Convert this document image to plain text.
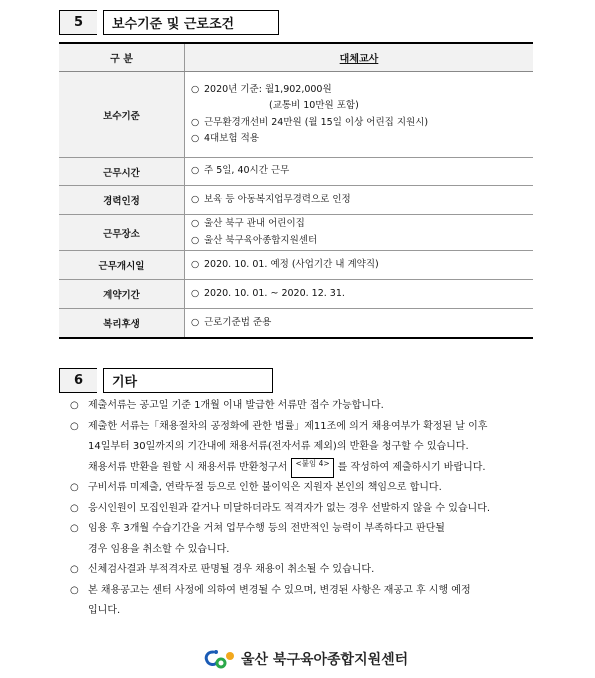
5	보수기준 및 근로조건
구 분	대체교사
보수기준	○ 2020년 기준: 월1,902,000원
(교통비 10만원 포함)
○ 근무환경개선비 24만원 (월 15일 이상 어린집 지원시)
○ 4대보험 적용

근무시간	○ 주 5일, 40시간 근무
경력인정	○ 보육 등 아동복지업무경력으로 인정
근무장소	○ 울산 북구 관내 어린이집
○ 울산 북구육아종합지원센터

근무개시일	○ 2020. 10. 01. 예정 (사업기간 내 계약직)
계약기간	○ 2020. 10. 01. ~ 2020. 12. 31.
복리후생	○ 근로기준법 준용
6	기타
○ 제출서류는 공고일 기준 1개월 이내 발급한 서류만 접수 가능합니다.
○ 제출한 서류는「채용절차의 공정화에 관한 법률」제11조에 의거 채용여부가 확정된 날 이후
14일부터 30일까지의 기간내에 채용서류(전자서류 제외)의 반환을 청구할 수 있습니다.
채용서류 반환을 원할 시 채용서류 반환청구서	<붙임 4> 를 작성하여 제출하시기 바랍니다.
○ 구비서류 미제출, 연락두절 등으로 인한 불이익은 지원자 본인의 책임으로 합니다.
○ 응시인원이 모집인원과 같거나 미달하더라도 적격자가 없는 경우 선발하지 않을 수 있습니다.
○ 임용 후 3개월 수습기간을 거쳐 업무수행 등의 전반적인 능력이 부족하다고 판단될
경우 임용을 취소할 수 있습니다.
○ 신체검사결과 부적격자로 판명될 경우 채용이 취소될 수 있습니다.
○ 본 채용공고는 센터 사정에 의하여 변경될 수 있으며, 변경된 사항은 재공고 후 시행 예정
입니다.
울산 북구육아종합지원센터
